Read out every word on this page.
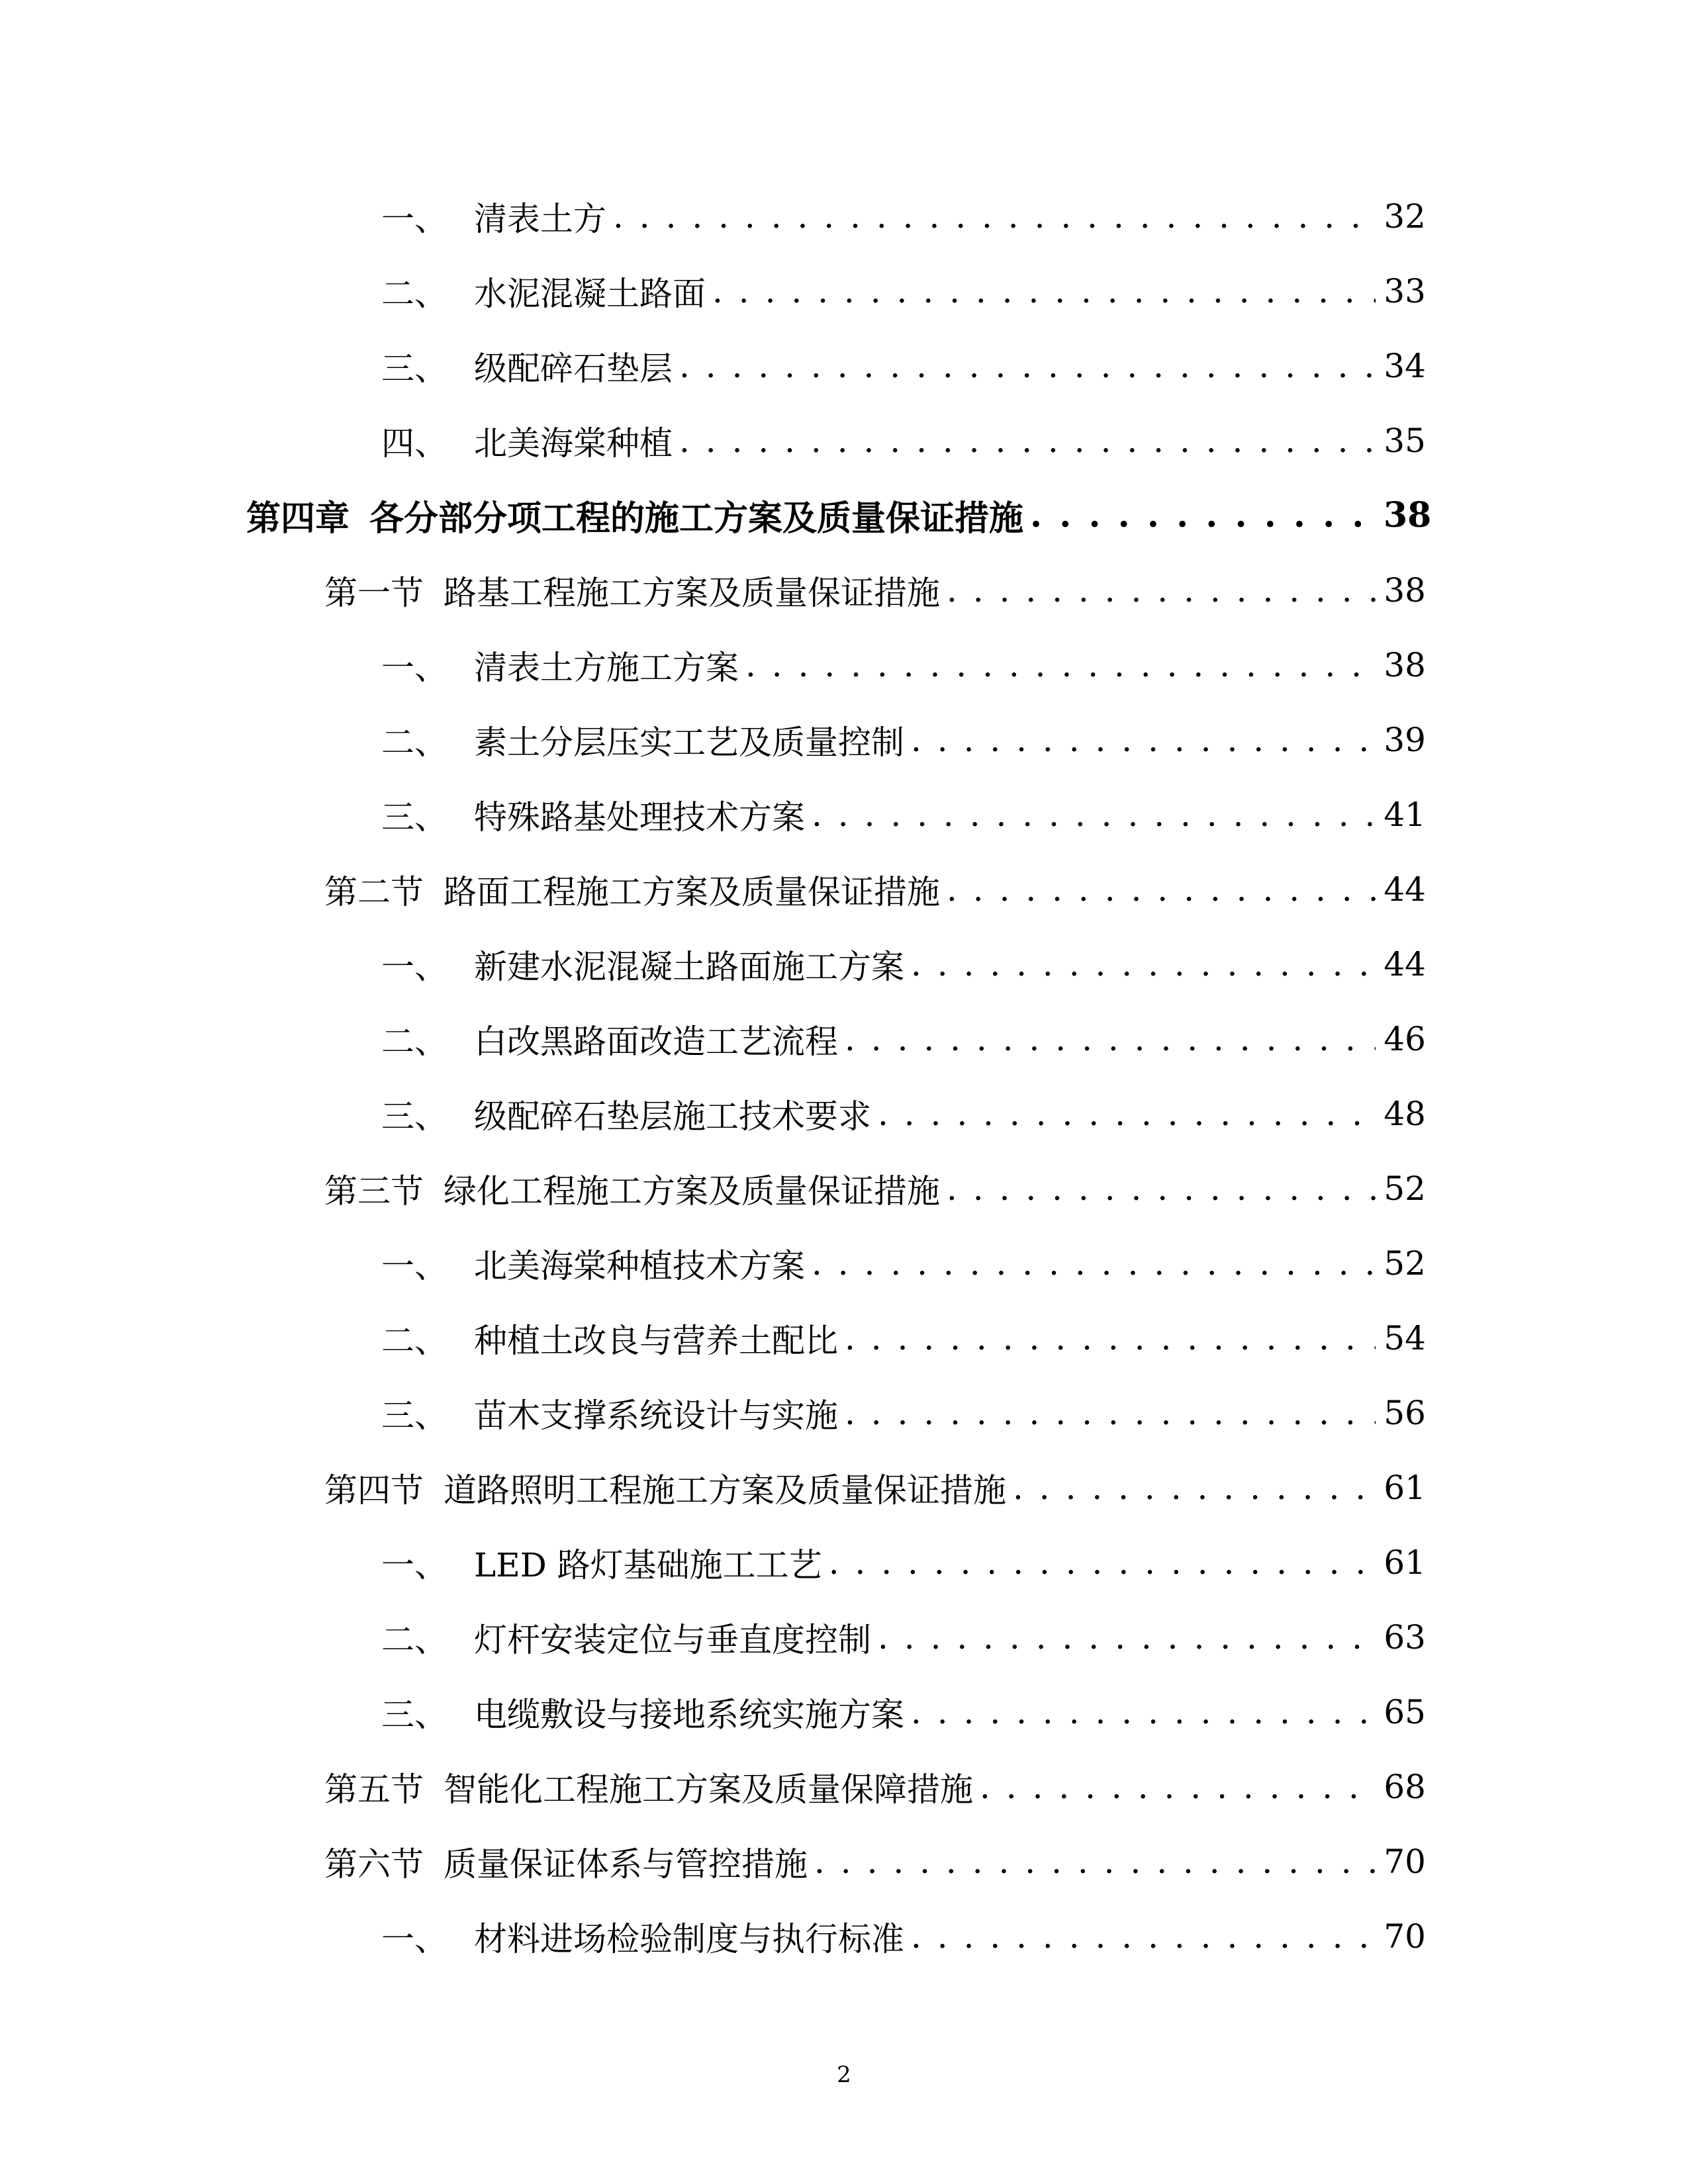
一、 清表土方 . . .	32
二、 水泥混凝土路面 . . .	33
三、 级配碎石垫层 . . .	34
四、 北美海棠种植 . . .	35
第四章 各分部分项工程的施工方案及质量保证措施 . . .	38
第一节 路基工程施工方案及质量保证措施 . . .	38
一、 清表土方施工方案 . . .	38
二、 素土分层压实工艺及质量控制 . . .	39
三、 特殊路基处理技术方案 . . .	41
第二节 路面工程施工方案及质量保证措施 . . .	44
一、 新建水泥混凝土路面施工方案 . . .	44
二、 白改黑路面改造工艺流程 . . .	46
三、 级配碎石垫层施工技术要求 . . .	48
第三节 绿化工程施工方案及质量保证措施 . . .	52
一、 北美海棠种植技术方案 . . .	52
二、 种植土改良与营养土配比 . . .	54
三、 苗木支撑系统设计与实施 . . .	56
第四节 道路照明工程施工方案及质量保证措施 . . .	61
一、 LED 路灯基础施工工艺 . . .	61
二、 灯杆安装定位与垂直度控制 . . .	63
三、 电缆敷设与接地系统实施方案 . . .	65
第五节 智能化工程施工方案及质量保障措施 . . .	68
第六节 质量保证体系与管控措施 . . .	70
一、 材料进场检验制度与执行标准 . . .	70
2
